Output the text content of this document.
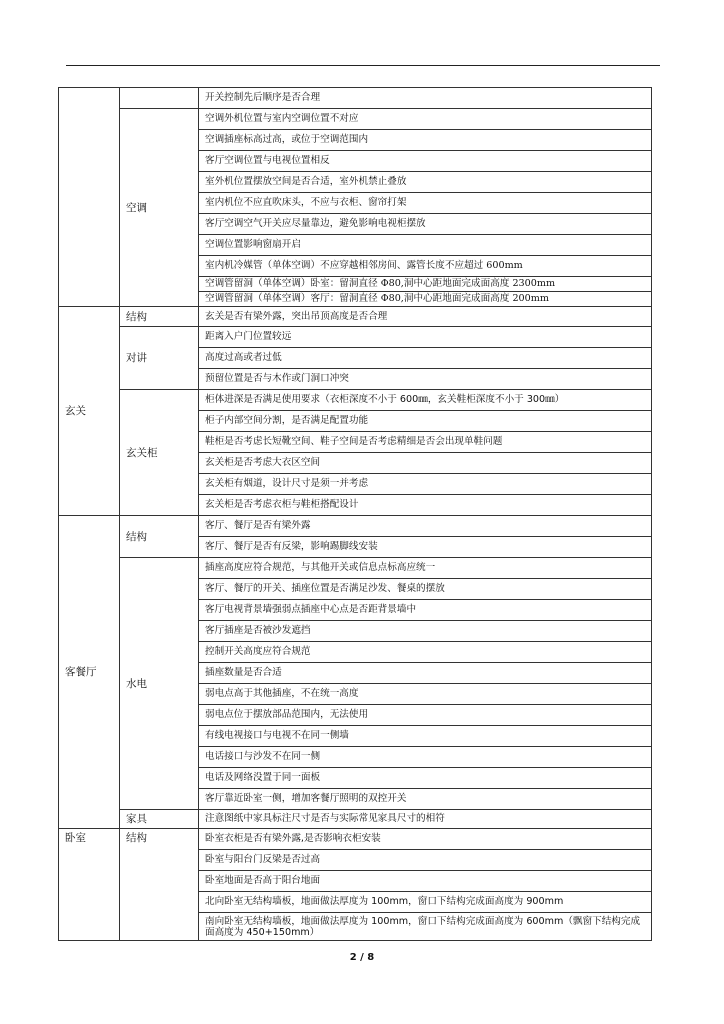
		开关控制先后顺序是否合理
	空调	空调外机位置与室内空调位置不对应
		空调插座标高过高，或位于空调范围内
		客厅空调位置与电视位置相反
		室外机位置摆放空间是否合适，室外机禁止叠放
		室内机位不应直吹床头，不应与衣柜、窗帘打架
		客厅空调空气开关应尽量靠边，避免影响电视柜摆放
		空调位置影响窗扇开启
		室内机冷媒管（单体空调）不应穿越相邻房间、露管长度不应超过 600mm
		空调管留洞（单体空调）卧室：留洞直径 Φ80,洞中心距地面完成面高度 2300mm
		空调管留洞（单体空调）客厅：留洞直径 Φ80,洞中心距地面完成面高度 200mm
玄关	结构	玄关是否有梁外露，突出吊顶高度是否合理
	对讲	距离入户门位置较远
		高度过高或者过低
		预留位置是否与木作或门洞口冲突
	玄关柜	柜体进深是否满足使用要求（衣柜深度不小于 600㎜，玄关鞋柜深度不小于 300㎜）
		柜子内部空间分割，是否满足配置功能
		鞋柜是否考虑长短靴空间、鞋子空间是否考虑精细是否会出现单鞋问题
		玄关柜是否考虑大衣区空间
		玄关柜有烟道，设计尺寸是须一并考虑
		玄关柜是否考虑衣柜与鞋柜搭配设计
客餐厅	结构	客厅、餐厅是否有梁外露
		客厅、餐厅是否有反梁，影响踢脚线安装
	水电	插座高度应符合规范，与其他开关或信息点标高应统一
		客厅、餐厅的开关、插座位置是否满足沙发、餐桌的摆放
		客厅电视背景墙强弱点插座中心点是否距背景墙中
		客厅插座是否被沙发遮挡
		控制开关高度应符合规范
		插座数量是否合适
		弱电点高于其他插座，不在统一高度
		弱电点位于摆放部品范围内，无法使用
		有线电视接口与电视不在同一侧墙
		电话接口与沙发不在同一侧
		电话及网络没置于同一面板
		客厅靠近卧室一侧，增加客餐厅照明的双控开关
	家具	注意图纸中家具标注尺寸是否与实际常见家具尺寸的相符
卧室	结构	卧室衣柜是否有梁外露,是否影响衣柜安装
		卧室与阳台门反梁是否过高
		卧室地面是否高于阳台地面
		北向卧室无结构墙板，地面做法厚度为 100mm，窗口下结构完成面高度为 900mm
		南向卧室无结构墙板，地面做法厚度为 100mm，窗口下结构完成面高度为 600mm（飘窗下结构完成面高度为 450+150mm）
2 / 8
